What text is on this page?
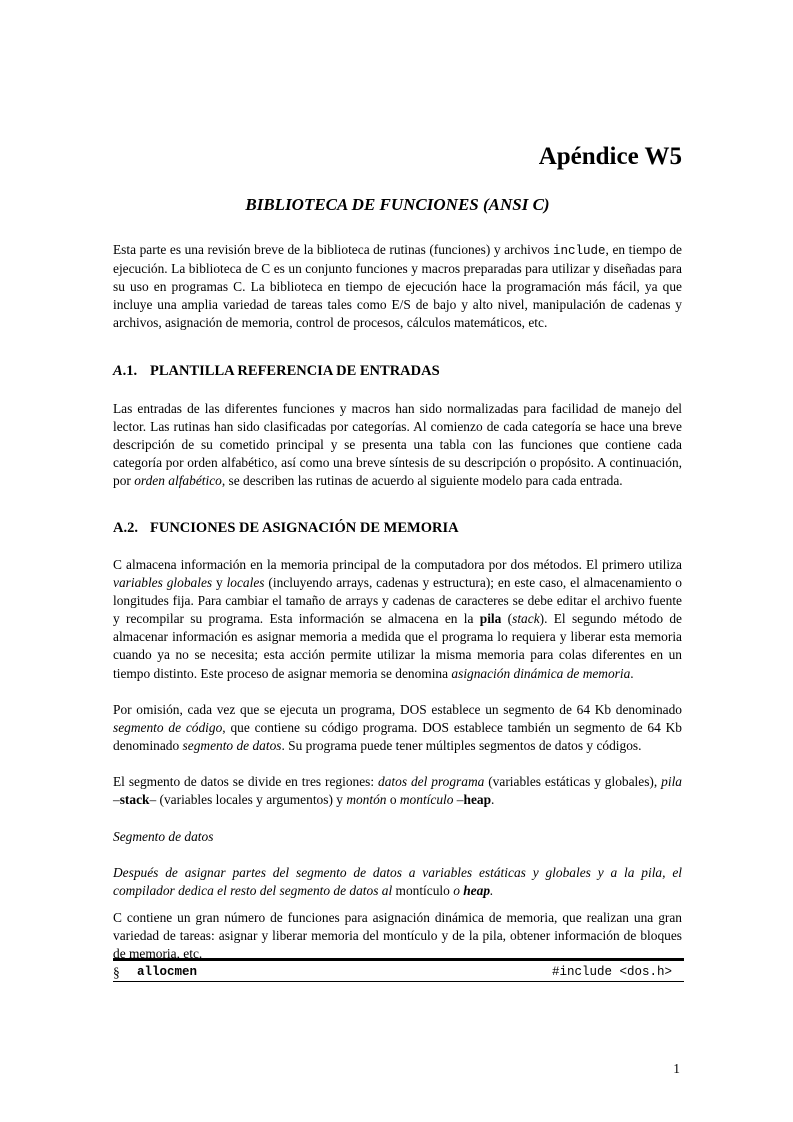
Apéndice W5
BIBLIOTECA DE FUNCIONES (ANSI C)

Esta parte es una revisión breve de la biblioteca de rutinas (funciones) y archivos include, en tiempo de ejecución. La biblioteca de C es un conjunto funciones y macros preparadas para utilizar y diseñadas para su uso en programas C. La biblioteca en tiempo de ejecución hace la programación más fácil, ya que incluye una amplia variedad de tareas tales como E/S de bajo y alto nivel, manipulación de cadenas y archivos, asignación de memoria, control de procesos, cálculos matemáticos, etc.

A.1. PLANTILLA REFERENCIA DE ENTRADAS

Las entradas de las diferentes funciones y macros han sido normalizadas para facilidad de manejo del lector. Las rutinas han sido clasificadas por categorías. Al comienzo de cada categoría se hace una breve descripción de su cometido principal y se presenta una tabla con las funciones que contiene cada categoría por orden alfabético, así como una breve síntesis de su descripción o propósito. A continuación, por orden alfabético, se describen las rutinas de acuerdo al siguiente modelo para cada entrada.

A.2. FUNCIONES DE ASIGNACIÓN DE MEMORIA

C almacena información en la memoria principal de la computadora por dos métodos. El primero utiliza variables globales y locales (incluyendo arrays, cadenas y estructura); en este caso, el almacenamiento o longitudes fija. Para cambiar el tamaño de arrays y cadenas de caracteres se debe editar el archivo fuente y recompilar su programa. Esta información se almacena en la pila (stack). El segundo método de almacenar información es asignar memoria a medida que el programa lo requiera y liberar esta memoria cuando ya no se necesita; esta acción permite utilizar la misma memoria para colas diferentes en un tiempo distinto. Este proceso de asignar memoria se denomina asignación dinámica de memoria.

Por omisión, cada vez que se ejecuta un programa, DOS establece un segmento de 64 Kb denominado segmento de código, que contiene su código programa. DOS establece también un segmento de 64 Kb denominado segmento de datos. Su programa puede tener múltiples segmentos de datos y códigos.

El segmento de datos se divide en tres regiones: datos del programa (variables estáticas y globales), pila –stack– (variables locales y argumentos) y montón o montículo –heap.

Segmento de datos

Después de asignar partes del segmento de datos a variables estáticas y globales y a la pila, el compilador dedica el resto del segmento de datos al montículo o heap.

C contiene un gran número de funciones para asignación dinámica de memoria, que realizan una gran variedad de tareas: asignar y liberar memoria del montículo y de la pila, obtener información de bloques de memoria, etc.

§ allocmen	#include <dos.h>

1
